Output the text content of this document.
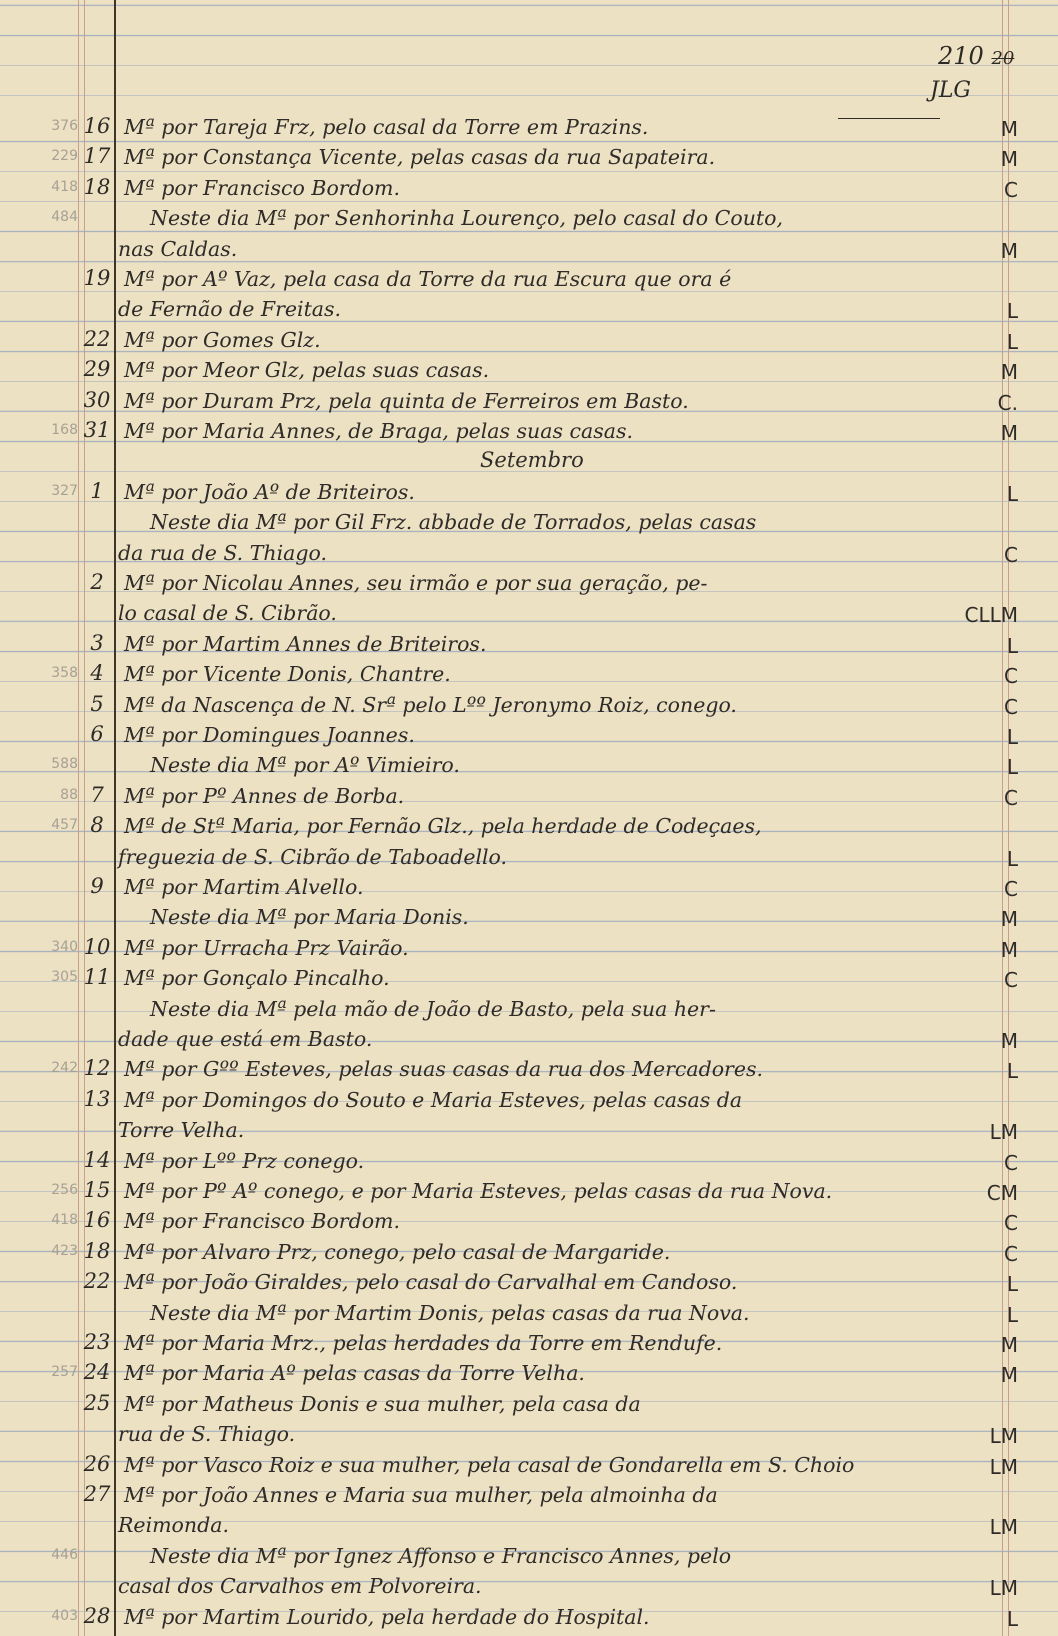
210 20
JLG
376 16 Mª por Tareja Frz, pelo casal da Torre em Prazins.	M
229 17 Mª por Constança Vicente, pelas casas da rua Sapateira.	M
418 18 Mª por Francisco Bordom.	C
484	Neste dia Mª por Senhorinha Lourenço, pelo casal do Couto,
nas Caldas.	M
19 Mª por Aº Vaz, pela casa da Torre da rua Escura que ora é
de Fernão de Freitas.	L
22 Mª por Gomes Glz.	L
29 Mª por Meor Glz, pelas suas casas.	M
30 Mª por Duram Prz, pela quinta de Ferreiros em Basto.	C.
168 31 Mª por Maria Annes, de Braga, pelas suas casas.	M
327 1 Mª por João Aº de Briteiros.	L
Neste dia Mª por Gil Frz. abbade de Torrados, pelas casas
da rua de S. Thiago.	C
2 Mª por Nicolau Annes, seu irmão e por sua geração, pe-
lo casal de S. Cibrão.	CLLM
3 Mª por Martim Annes de Briteiros.	L
358 4 Mª por Vicente Donis, Chantre.	C
5 Mª da Nascença de N. Srª pelo Lºº Jeronymo Roiz, conego.	C
6 Mª por Domingues Joannes.	L
588	Neste dia Mª por Aº Vimieiro.	L
88 7 Mª por Pº Annes de Borba.	C
457 8 Mª de Stª Maria, por Fernão Glz., pela herdade de Codeçaes,
freguezia de S. Cibrão de Taboadello.	L
9 Mª por Martim Alvello.	C
Neste dia Mª por Maria Donis.	M
340 10 Mª por Urracha Prz Vairão.	M
305 11 Mª por Gonçalo Pincalho.	C
Neste dia Mª pela mão de João de Basto, pela sua her-
dade que está em Basto.	M
242 12 Mª por Gºº Esteves, pelas suas casas da rua dos Mercadores.	L
13 Mª por Domingos do Souto e Maria Esteves, pelas casas da
Torre Velha.	LM
14 Mª por Lºº Prz conego.	C
256 15 Mª por Pº Aº conego, e por Maria Esteves, pelas casas da rua Nova.	CM
418 16 Mª por Francisco Bordom.	C
423 18 Mª por Alvaro Prz, conego, pelo casal de Margaride.	C
22 Mª por João Giraldes, pelo casal do Carvalhal em Candoso.	L
Neste dia Mª por Martim Donis, pelas casas da rua Nova.	L
23 Mª por Maria Mrz., pelas herdades da Torre em Rendufe.	M
257 24 Mª por Maria Aº pelas casas da Torre Velha.	M
25 Mª por Matheus Donis e sua mulher, pela casa da
rua de S. Thiago.	LM
26 Mª por Vasco Roiz e sua mulher, pela casal de Gondarella em S. Choio	LM
27 Mª por João Annes e Maria sua mulher, pela almoinha da
Reimonda.	LM
446	Neste dia Mª por Ignez Affonso e Francisco Annes, pelo
casal dos Carvalhos em Polvoreira.	LM
403 28 Mª por Martim Lourido, pela herdade do Hospital.	L
Setembro
